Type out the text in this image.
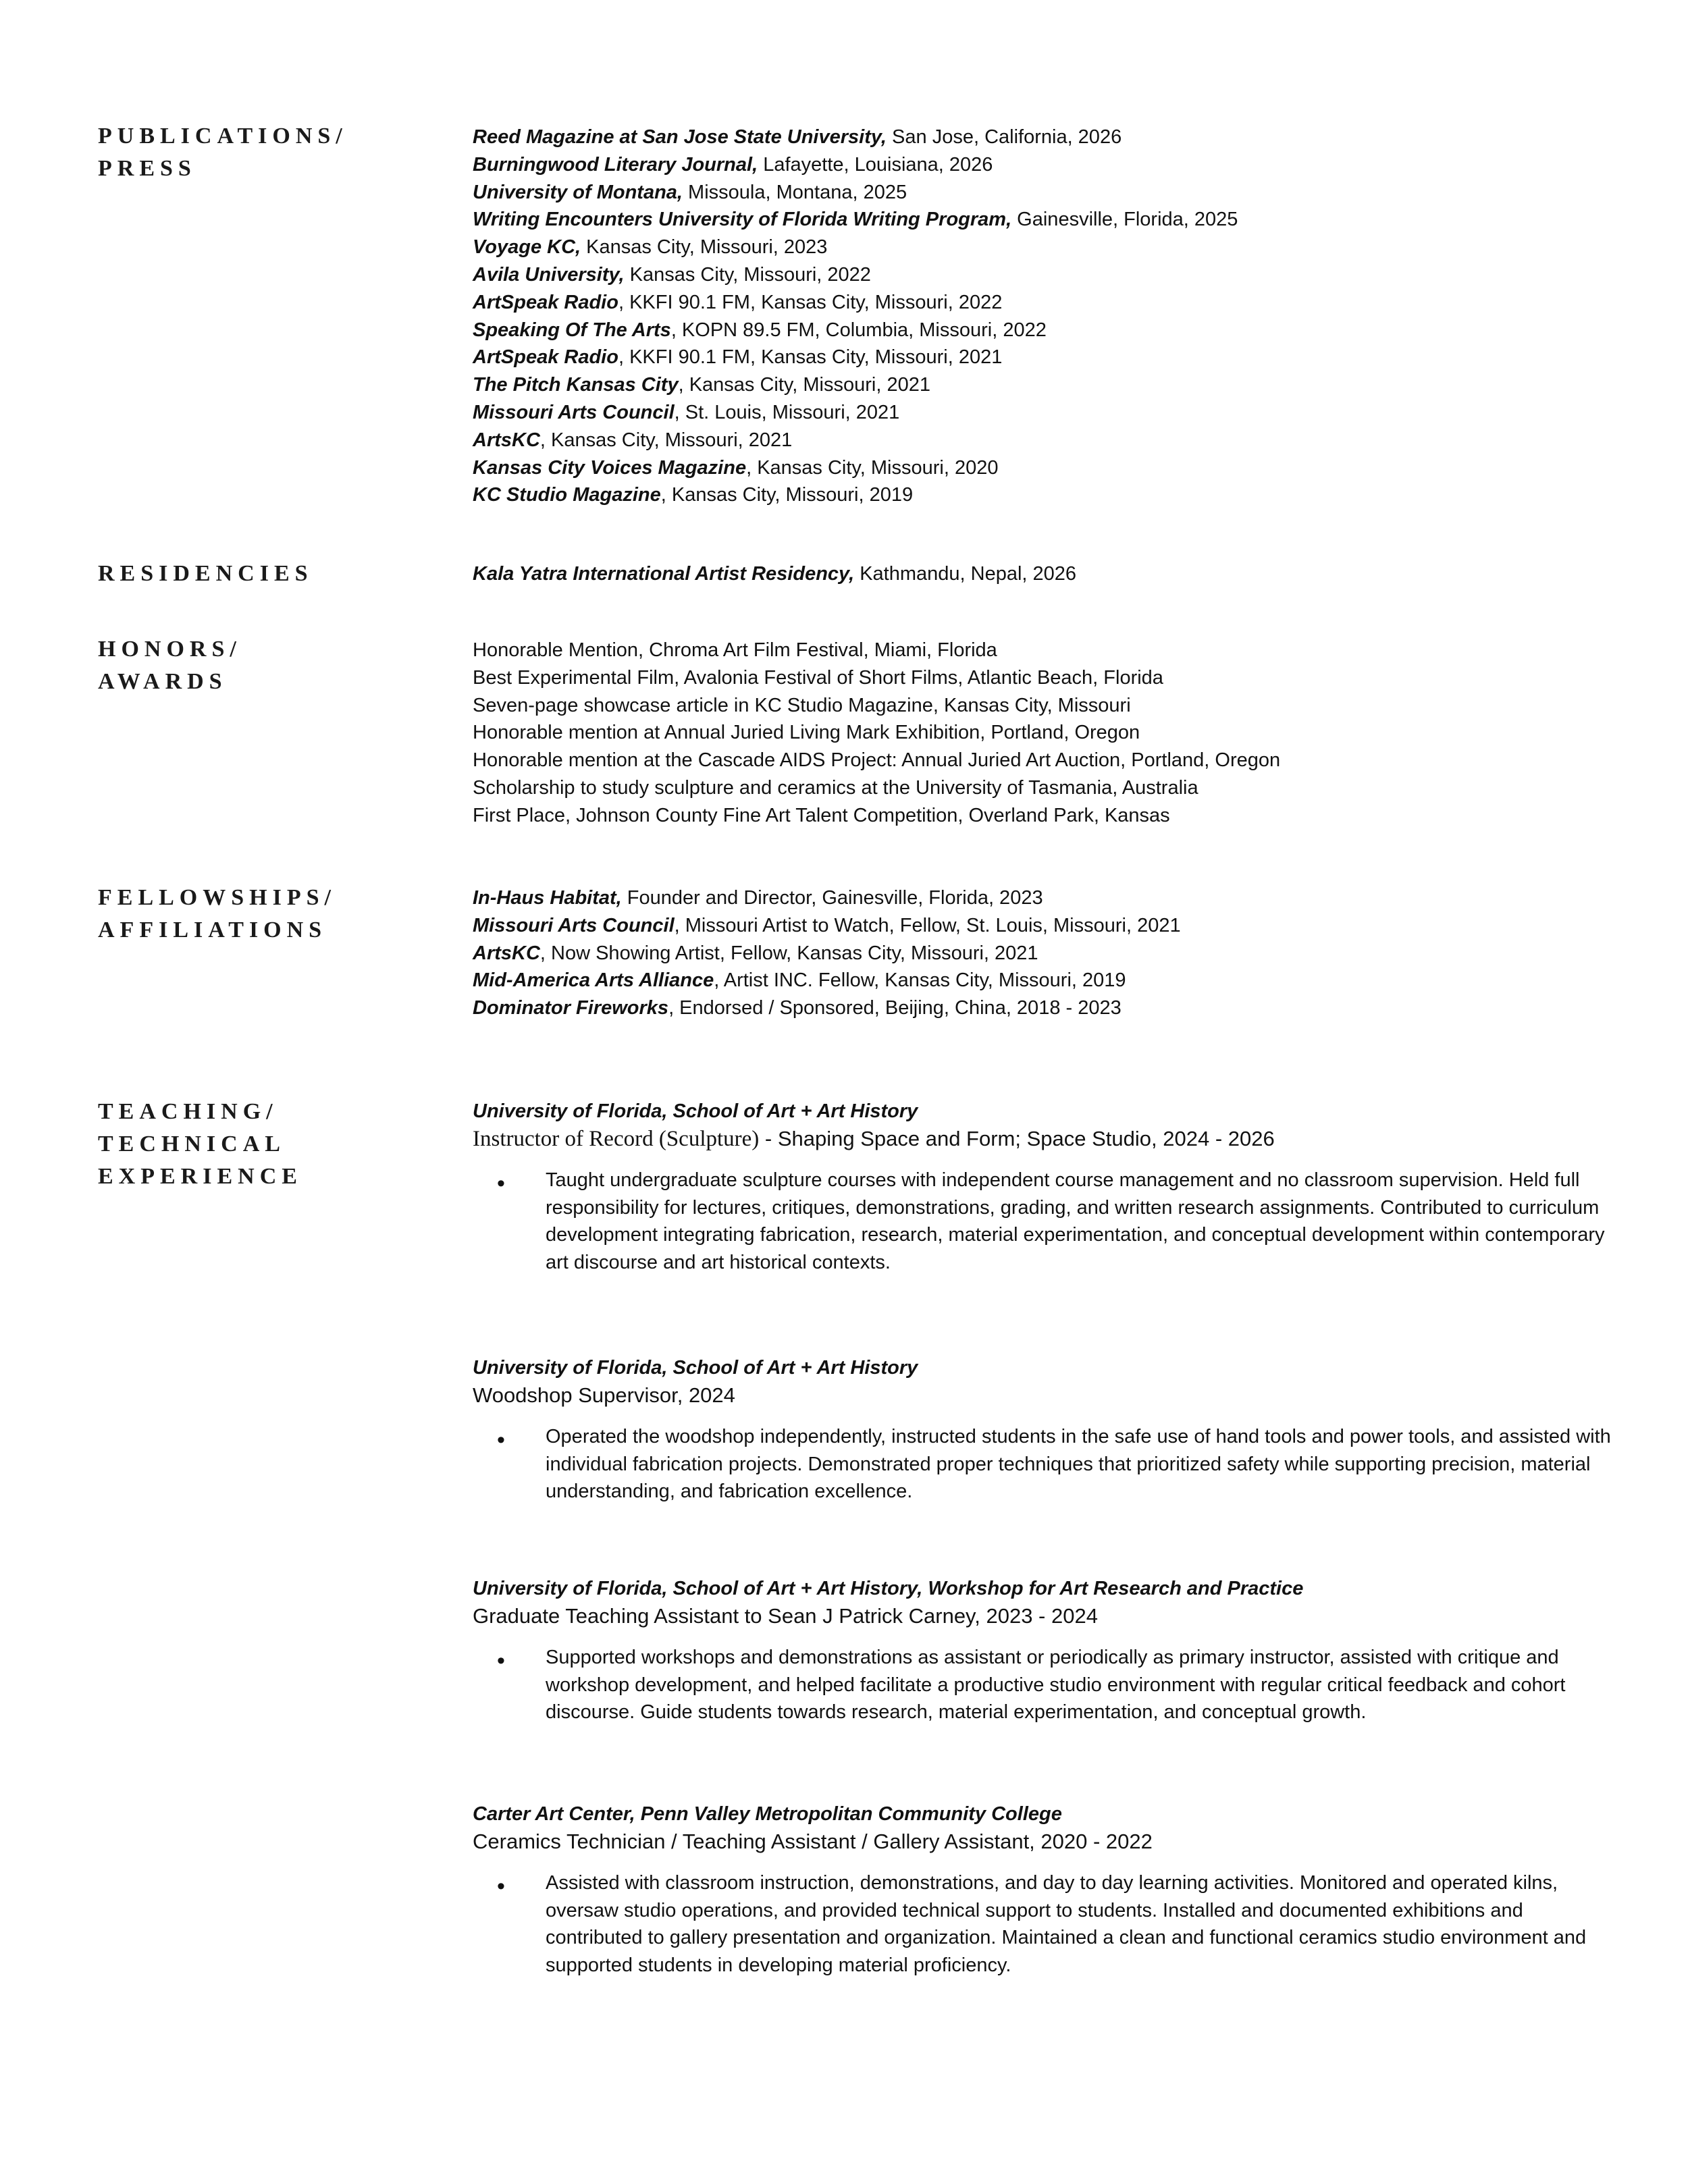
PUBLICATIONS/
PRESS
Reed Magazine at San Jose State University, San Jose, California, 2026
Burningwood Literary Journal, Lafayette, Louisiana, 2026
University of Montana, Missoula, Montana, 2025
Writing Encounters University of Florida Writing Program, Gainesville, Florida, 2025
Voyage KC, Kansas City, Missouri, 2023
Avila University, Kansas City, Missouri, 2022
ArtSpeak Radio, KKFI 90.1 FM, Kansas City, Missouri, 2022
Speaking Of The Arts, KOPN 89.5 FM, Columbia, Missouri, 2022
ArtSpeak Radio, KKFI 90.1 FM, Kansas City, Missouri, 2021
The Pitch Kansas City, Kansas City, Missouri, 2021
Missouri Arts Council, St. Louis, Missouri, 2021
ArtsKC, Kansas City, Missouri, 2021
Kansas City Voices Magazine, Kansas City, Missouri, 2020
KC Studio Magazine, Kansas City, Missouri, 2019
RESIDENCIES	Kala Yatra International Artist Residency, Kathmandu, Nepal, 2026
HONORS/
AWARDS
Honorable Mention, Chroma Art Film Festival, Miami, Florida
Best Experimental Film, Avalonia Festival of Short Films, Atlantic Beach, Florida
Seven-page showcase article in KC Studio Magazine, Kansas City, Missouri
Honorable mention at Annual Juried Living Mark Exhibition, Portland, Oregon
Honorable mention at the Cascade AIDS Project: Annual Juried Art Auction, Portland, Oregon
Scholarship to study sculpture and ceramics at the University of Tasmania, Australia
First Place, Johnson County Fine Art Talent Competition, Overland Park, Kansas
FELLOWSHIPS/
AFFILIATIONS
In-Haus Habitat, Founder and Director, Gainesville, Florida, 2023
Missouri Arts Council, Missouri Artist to Watch, Fellow, St. Louis, Missouri, 2021
ArtsKC, Now Showing Artist, Fellow, Kansas City, Missouri, 2021
Mid-America Arts Alliance, Artist INC. Fellow, Kansas City, Missouri, 2019
Dominator Fireworks, Endorsed / Sponsored, Beijing, China, 2018 - 2023
TEACHING/
TECHNICAL
EXPERIENCE
University of Florida, School of Art + Art History
Instructor of Record (Sculpture) - Shaping Space and Form; Space Studio, 2024 - 2026
• Taught undergraduate sculpture courses with independent course management and no classroom supervision. Held full responsibility for lectures, critiques, demonstrations, grading, and written research assignments. Contributed to curriculum development integrating fabrication, research, material experimentation, and conceptual development within contemporary art discourse and art historical contexts.
University of Florida, School of Art + Art History
Woodshop Supervisor, 2024
• Operated the woodshop independently, instructed students in the safe use of hand tools and power tools, and assisted with individual fabrication projects. Demonstrated proper techniques that prioritized safety while supporting precision, material understanding, and fabrication excellence.
University of Florida, School of Art + Art History, Workshop for Art Research and Practice
Graduate Teaching Assistant to Sean J Patrick Carney, 2023 - 2024
• Supported workshops and demonstrations as assistant or periodically as primary instructor, assisted with critique and workshop development, and helped facilitate a productive studio environment with regular critical feedback and cohort discourse. Guide students towards research, material experimentation, and conceptual growth.
Carter Art Center, Penn Valley Metropolitan Community College
Ceramics Technician / Teaching Assistant / Gallery Assistant, 2020 - 2022
• Assisted with classroom instruction, demonstrations, and day to day learning activities. Monitored and operated kilns, oversaw studio operations, and provided technical support to students. Installed and documented exhibitions and contributed to gallery presentation and organization. Maintained a clean and functional ceramics studio environment and supported students in developing material proficiency.
